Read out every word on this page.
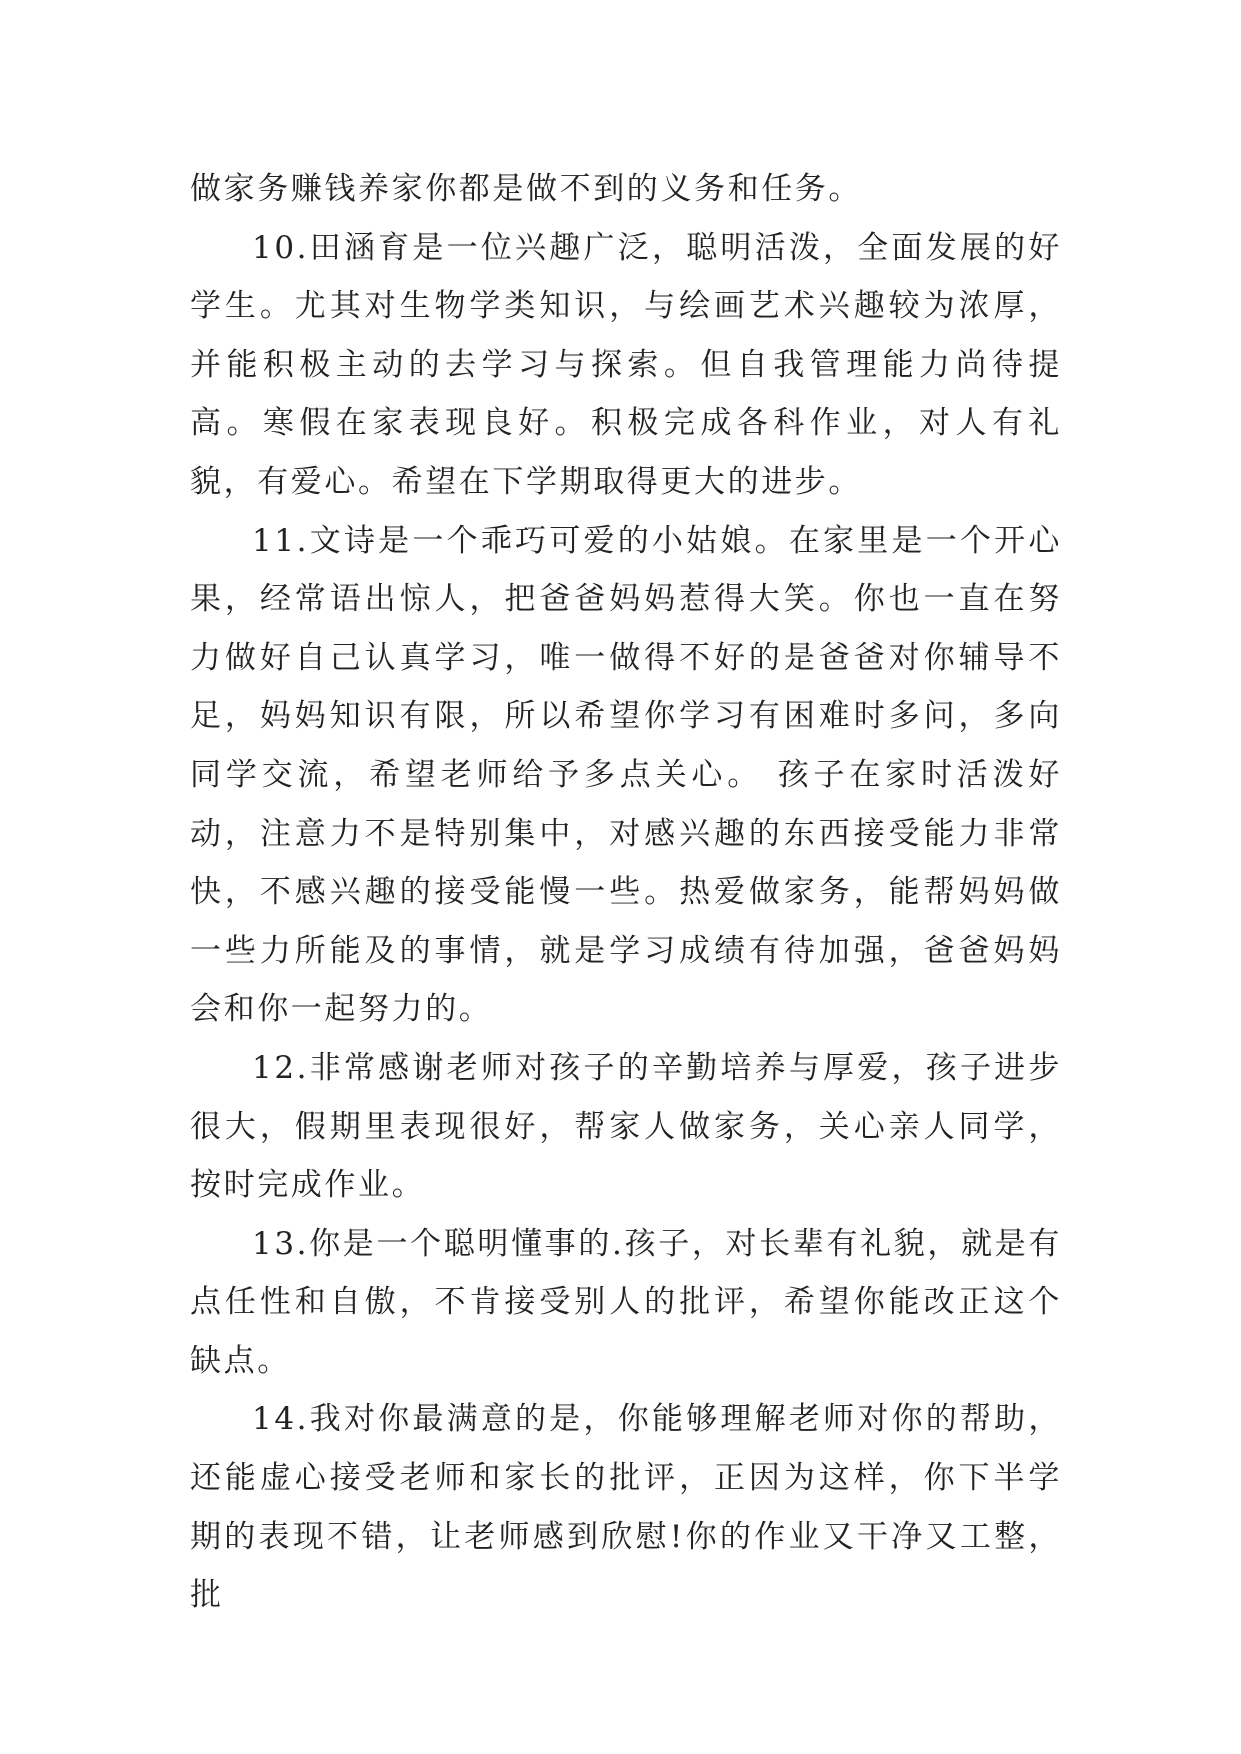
做家务赚钱养家你都是做不到的义务和任务。

10.田涵育是一位兴趣广泛，聪明活泼，全面发展的好学生。尤其对生物学类知识，与绘画艺术兴趣较为浓厚，并能积极主动的去学习与探索。但自我管理能力尚待提高。寒假在家表现良好。积极完成各科作业，对人有礼貌，有爱心。希望在下学期取得更大的进步。

11.文诗是一个乖巧可爱的小姑娘。在家里是一个开心果，经常语出惊人，把爸爸妈妈惹得大笑。你也一直在努力做好自己认真学习，唯一做得不好的是爸爸对你辅导不足，妈妈知识有限，所以希望你学习有困难时多问，多向同学交流，希望老师给予多点关心。 孩子在家时活泼好动，注意力不是特别集中，对感兴趣的东西接受能力非常快，不感兴趣的接受能慢一些。热爱做家务，能帮妈妈做一些力所能及的事情，就是学习成绩有待加强，爸爸妈妈会和你一起努力的。

12.非常感谢老师对孩子的辛勤培养与厚爱，孩子进步很大，假期里表现很好，帮家人做家务，关心亲人同学，按时完成作业。

13.你是一个聪明懂事的.孩子，对长辈有礼貌，就是有点任性和自傲，不肯接受别人的批评，希望你能改正这个缺点。

14.我对你最满意的是，你能够理解老师对你的帮助，还能虚心接受老师和家长的批评，正因为这样，你下半学期的表现不错，让老师感到欣慰!你的作业又干净又工整，批
